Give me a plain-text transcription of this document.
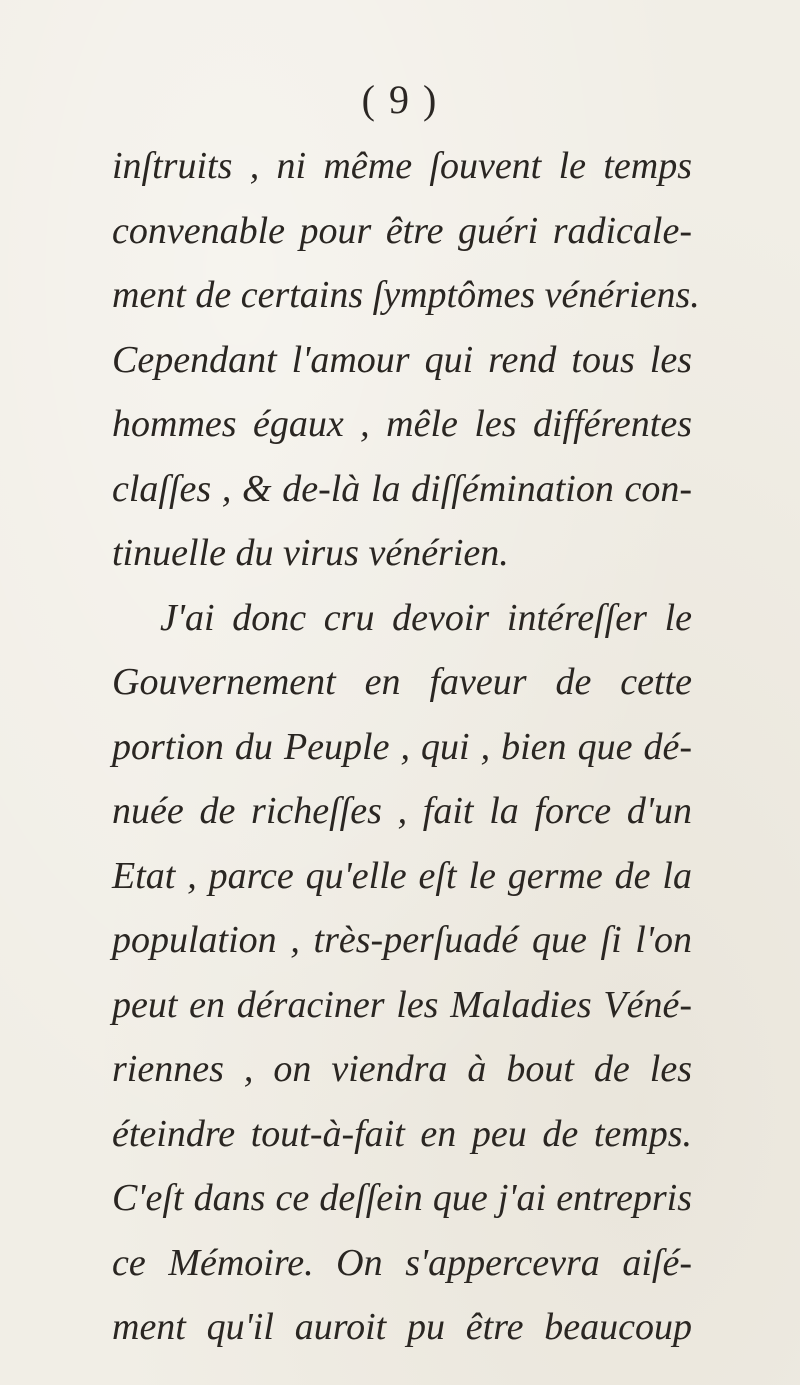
( 9 )
inſtruits , ni même ſouvent le temps
convenable pour être guéri radicale-
ment de certains ſymptômes vénériens.
Cependant l'amour qui rend tous les
hommes égaux , mêle les différentes
claſſes , & de-là la diſſémination con-
tinuelle du virus vénérien.
J'ai donc cru devoir intéreſſer le
Gouvernement en faveur de cette
portion du Peuple , qui , bien que dé-
nuée de richeſſes , fait la force d'un
Etat , parce qu'elle eſt le germe de la
population , très-perſuadé que ſi l'on
peut en déraciner les Maladies Véné-
riennes , on viendra à bout de les
éteindre tout-à-fait en peu de temps.
C'eſt dans ce deſſein que j'ai entrepris
ce Mémoire. On s'appercevra aiſé-
ment qu'il auroit pu être beaucoup
